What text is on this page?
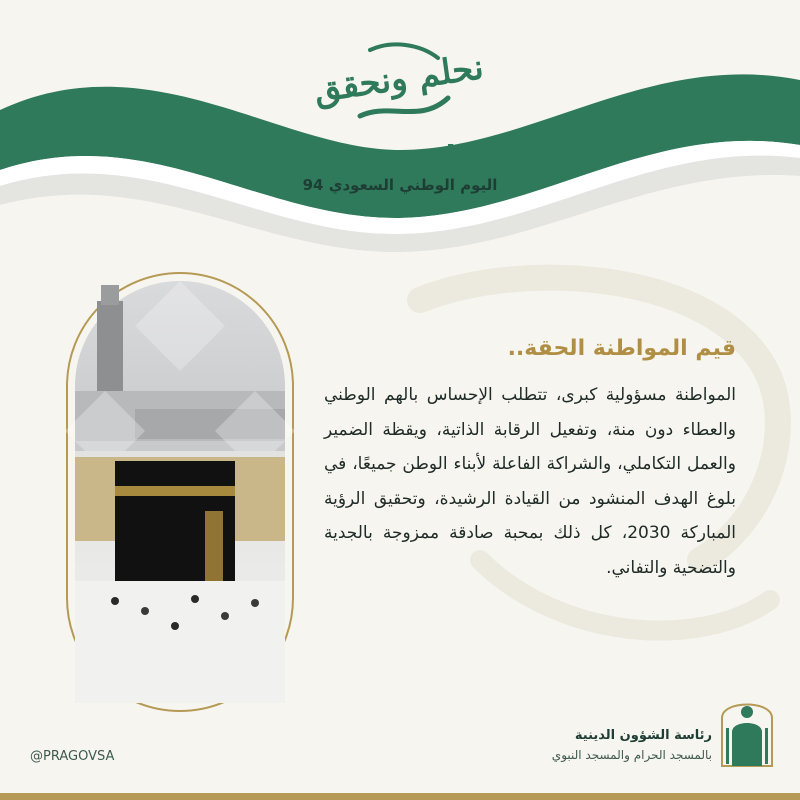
نحلم ونحقق
نحلم ونحقق
اليوم الوطني السعودي 94
قيم المواطنة الحقة..
المواطنة مسؤولية كبرى، تتطلب الإحساس بالهم الوطني والعطاء دون منة، وتفعيل الرقابة الذاتية، ويقظة الضمير والعمل التكاملي، والشراكة الفاعلة لأبناء الوطن جميعًا، في بلوغ الهدف المنشود من القيادة الرشيدة، وتحقيق الرؤية المباركة 2030، كل ذلك بمحبة صادقة ممزوجة بالجدية والتضحية والتفاني.
@PRAGOVSA
رئاسة الشؤون الدينية
بالمسجد الحرام والمسجد النبوي
